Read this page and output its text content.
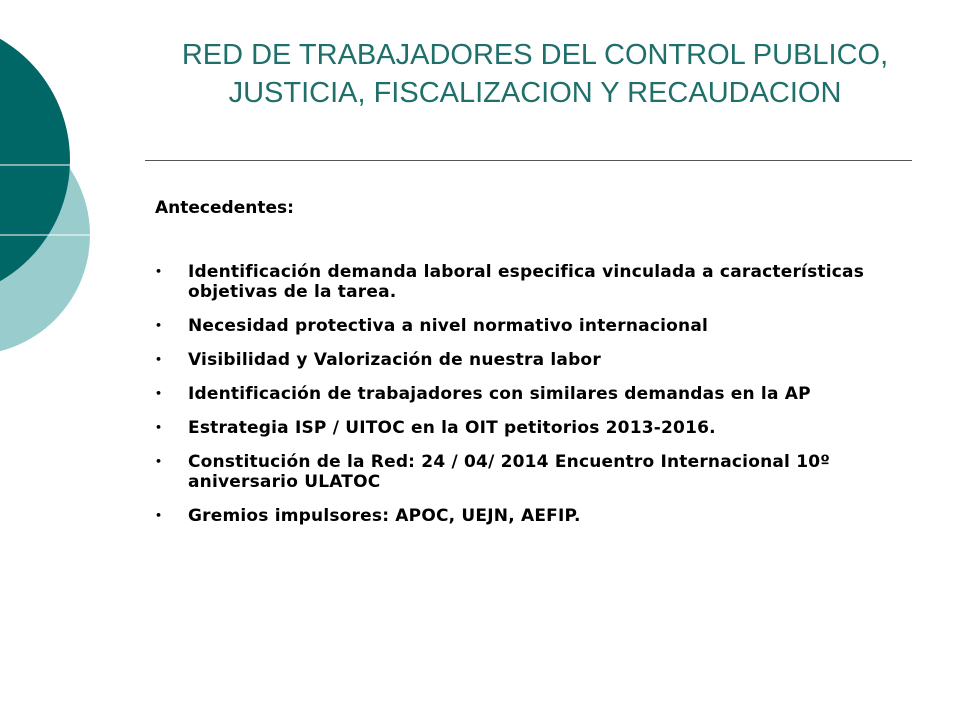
RED DE TRABAJADORES DEL CONTROL PUBLICO, JUSTICIA, FISCALIZACION Y RECAUDACION
Antecedentes:
• Identificación demanda laboral especifica vinculada a características objetivas de la tarea.
• Necesidad protectiva a nivel normativo internacional
• Visibilidad y Valorización de nuestra labor
• Identificación de trabajadores con similares demandas en la AP
• Estrategia ISP / UITOC en la OIT petitorios 2013-2016.
• Constitución de la Red: 24 / 04/ 2014 Encuentro Internacional 10º aniversario ULATOC
• Gremios impulsores: APOC, UEJN, AEFIP.
